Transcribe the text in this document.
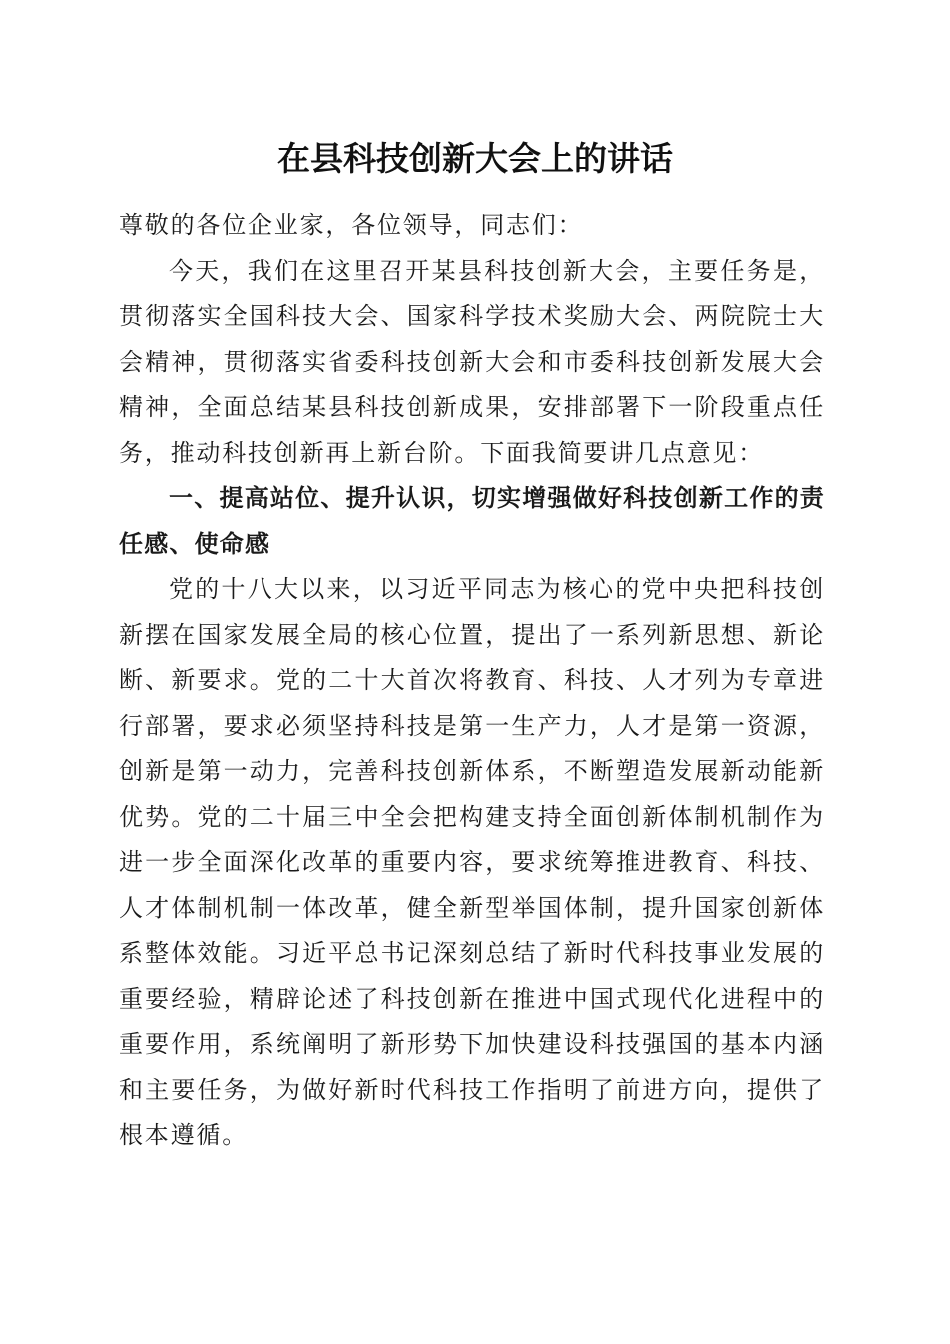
在县科技创新大会上的讲话

尊敬的各位企业家，各位领导，同志们：

今天，我们在这里召开某县科技创新大会，主要任务是，贯彻落实全国科技大会、国家科学技术奖励大会、两院院士大会精神，贯彻落实省委科技创新大会和市委科技创新发展大会精神，全面总结某县科技创新成果，安排部署下一阶段重点任务，推动科技创新再上新台阶。下面我简要讲几点意见：

一、提高站位、提升认识，切实增强做好科技创新工作的责任感、使命感

党的十八大以来，以习近平同志为核心的党中央把科技创新摆在国家发展全局的核心位置，提出了一系列新思想、新论断、新要求。党的二十大首次将教育、科技、人才列为专章进行部署，要求必须坚持科技是第一生产力，人才是第一资源，创新是第一动力，完善科技创新体系，不断塑造发展新动能新优势。党的二十届三中全会把构建支持全面创新体制机制作为进一步全面深化改革的重要内容，要求统筹推进教育、科技、人才体制机制一体改革，健全新型举国体制，提升国家创新体系整体效能。习近平总书记深刻总结了新时代科技事业发展的重要经验，精辟论述了科技创新在推进中国式现代化进程中的重要作用，系统阐明了新形势下加快建设科技强国的基本内涵和主要任务，为做好新时代科技工作指明了前进方向，提供了根本遵循。
